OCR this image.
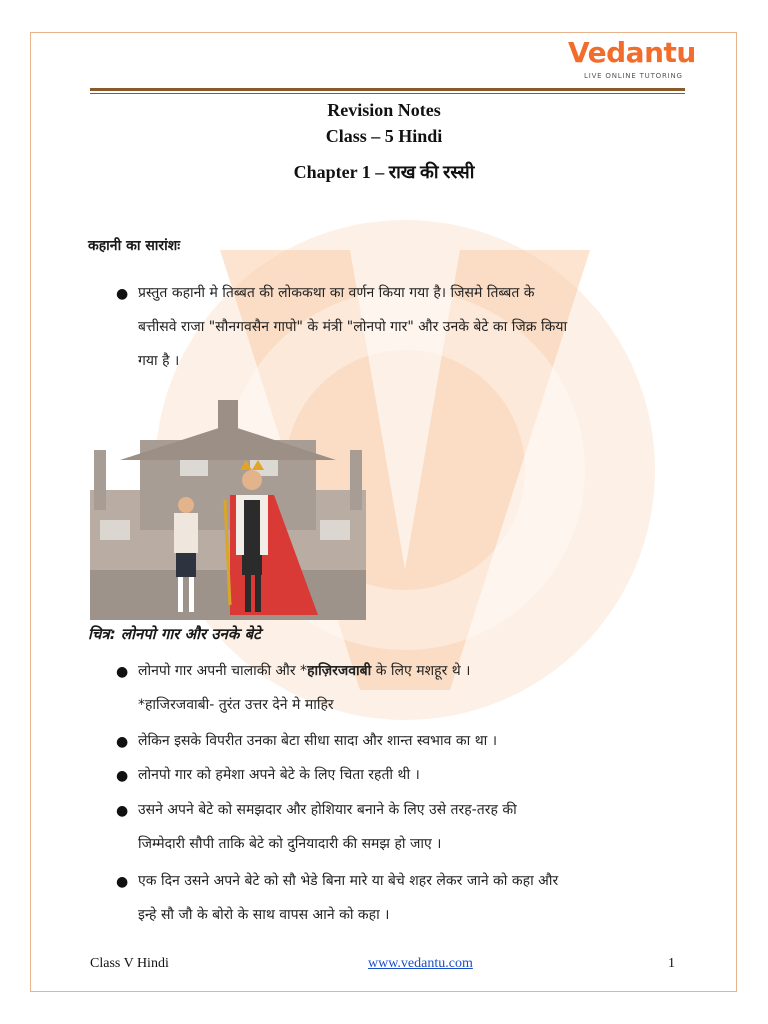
Vedantu
LIVE ONLINE TUTORING
Revision Notes
Class – 5 Hindi
Chapter 1 – राख की रस्सी
कहानी का सारांशः
● प्रस्तुत कहानी मे तिब्बत की लोककथा का वर्णन किया गया है। जिसमे तिब्बत के
बत्तीसवे राजा "सौनगवसैन गापो" के मंत्री "लोनपो गार" और उनके बेटे का जिक्र किया
गया है ।
चित्र: लोनपो गार और उनके बेटे
● लोनपो गार अपनी चालाकी और *हाज़िरजवाबी के लिए मशहूर थे ।
*हाजिरजवाबी- तुरंत उत्तर देने मे माहिर
● लेकिन इसके विपरीत उनका बेटा सीधा सादा और शान्त स्वभाव का था ।
● लोनपो गार को हमेशा अपने बेटे के लिए चिता रहती थी ।
● उसने अपने बेटे को समझदार और होशियार बनाने के लिए उसे तरह-तरह की
जिम्मेदारी सौपी ताकि बेटे को दुनियादारी की समझ हो जाए ।
● एक दिन उसने अपने बेटे को सौ भेडे बिना मारे या बेचे शहर लेकर जाने को कहा और
इन्हे सौ जौ के बोरो के साथ वापस आने को कहा ।
Class V Hindi	www.vedantu.com	1
